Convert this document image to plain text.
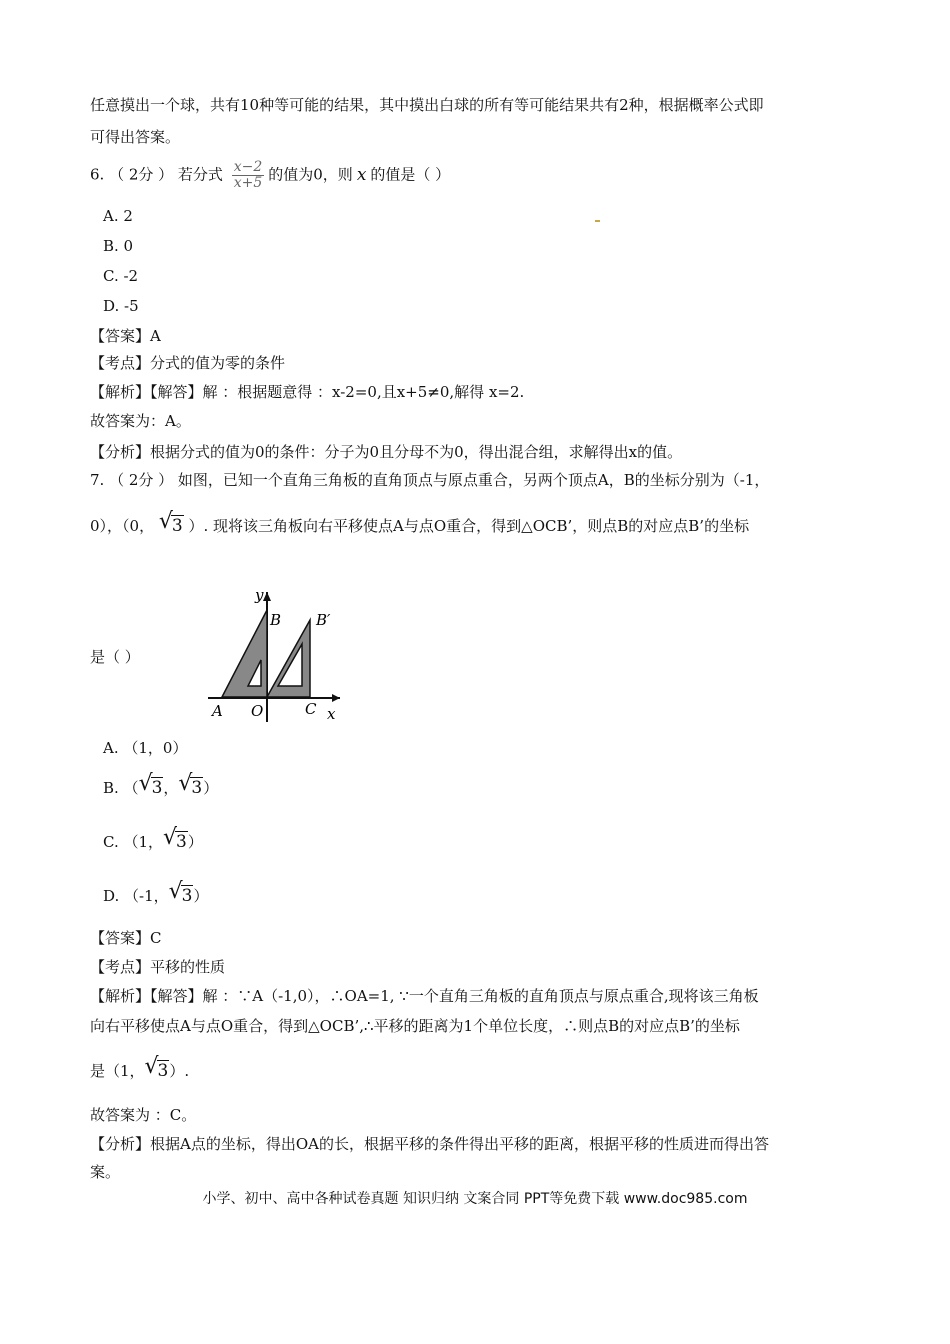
任意摸出一个球，共有10种等可能的结果，其中摸出白球的所有等可能结果共有2种，根据概率公式即
可得出答案。
6. （ 2分 ） 若分式 $\frac{x-2}{x+5}$ 的值为0，则 x 的值是（ ）
A. 2
B. 0
C. -2
D. -5
【答案】A
【考点】分式的值为零的条件
【解析】【解答】解 ：根据题意得 ：x-2=0,且x+5≠0,解得 x=2.
故答案为：A。
【分析】根据分式的值为0的条件：分子为0且分母不为0，得出混合组，求解得出x的值。
7. （ 2分 ） 如图，已知一个直角三角板的直角顶点与原点重合，另两个顶点A，B的坐标分别为（-1，
0），（0， √ 3 ）. 现将该三角板向右平移使点A与点O重合，得到△OCB’，则点B的对应点B’的坐标
是（ ）
y
B B′
A O	C x
A. （1，0）
B. （ √ 3， √ 3）
C. （1， √ 3）
D. （-1， √ 3）
【答案】C
【考点】平移的性质
【解析】【解答】解 ：∵A（-1,0），∴OA=1, ∵一个直角三角板的直角顶点与原点重合,现将该三角板
向右平移使点A与点O重合，得到△OCB’,∴平移的距离为1个单位长度，∴则点B的对应点B’的坐标
是（1， √ 3）.
故答案为 ：C。
【分析】根据A点的坐标，得出OA的长，根据平移的条件得出平移的距离，根据平移的性质进而得出答
案。
小学、初中、高中各种试卷真题 知识归纳 文案合同 PPT等免费下载 www.doc985.com
